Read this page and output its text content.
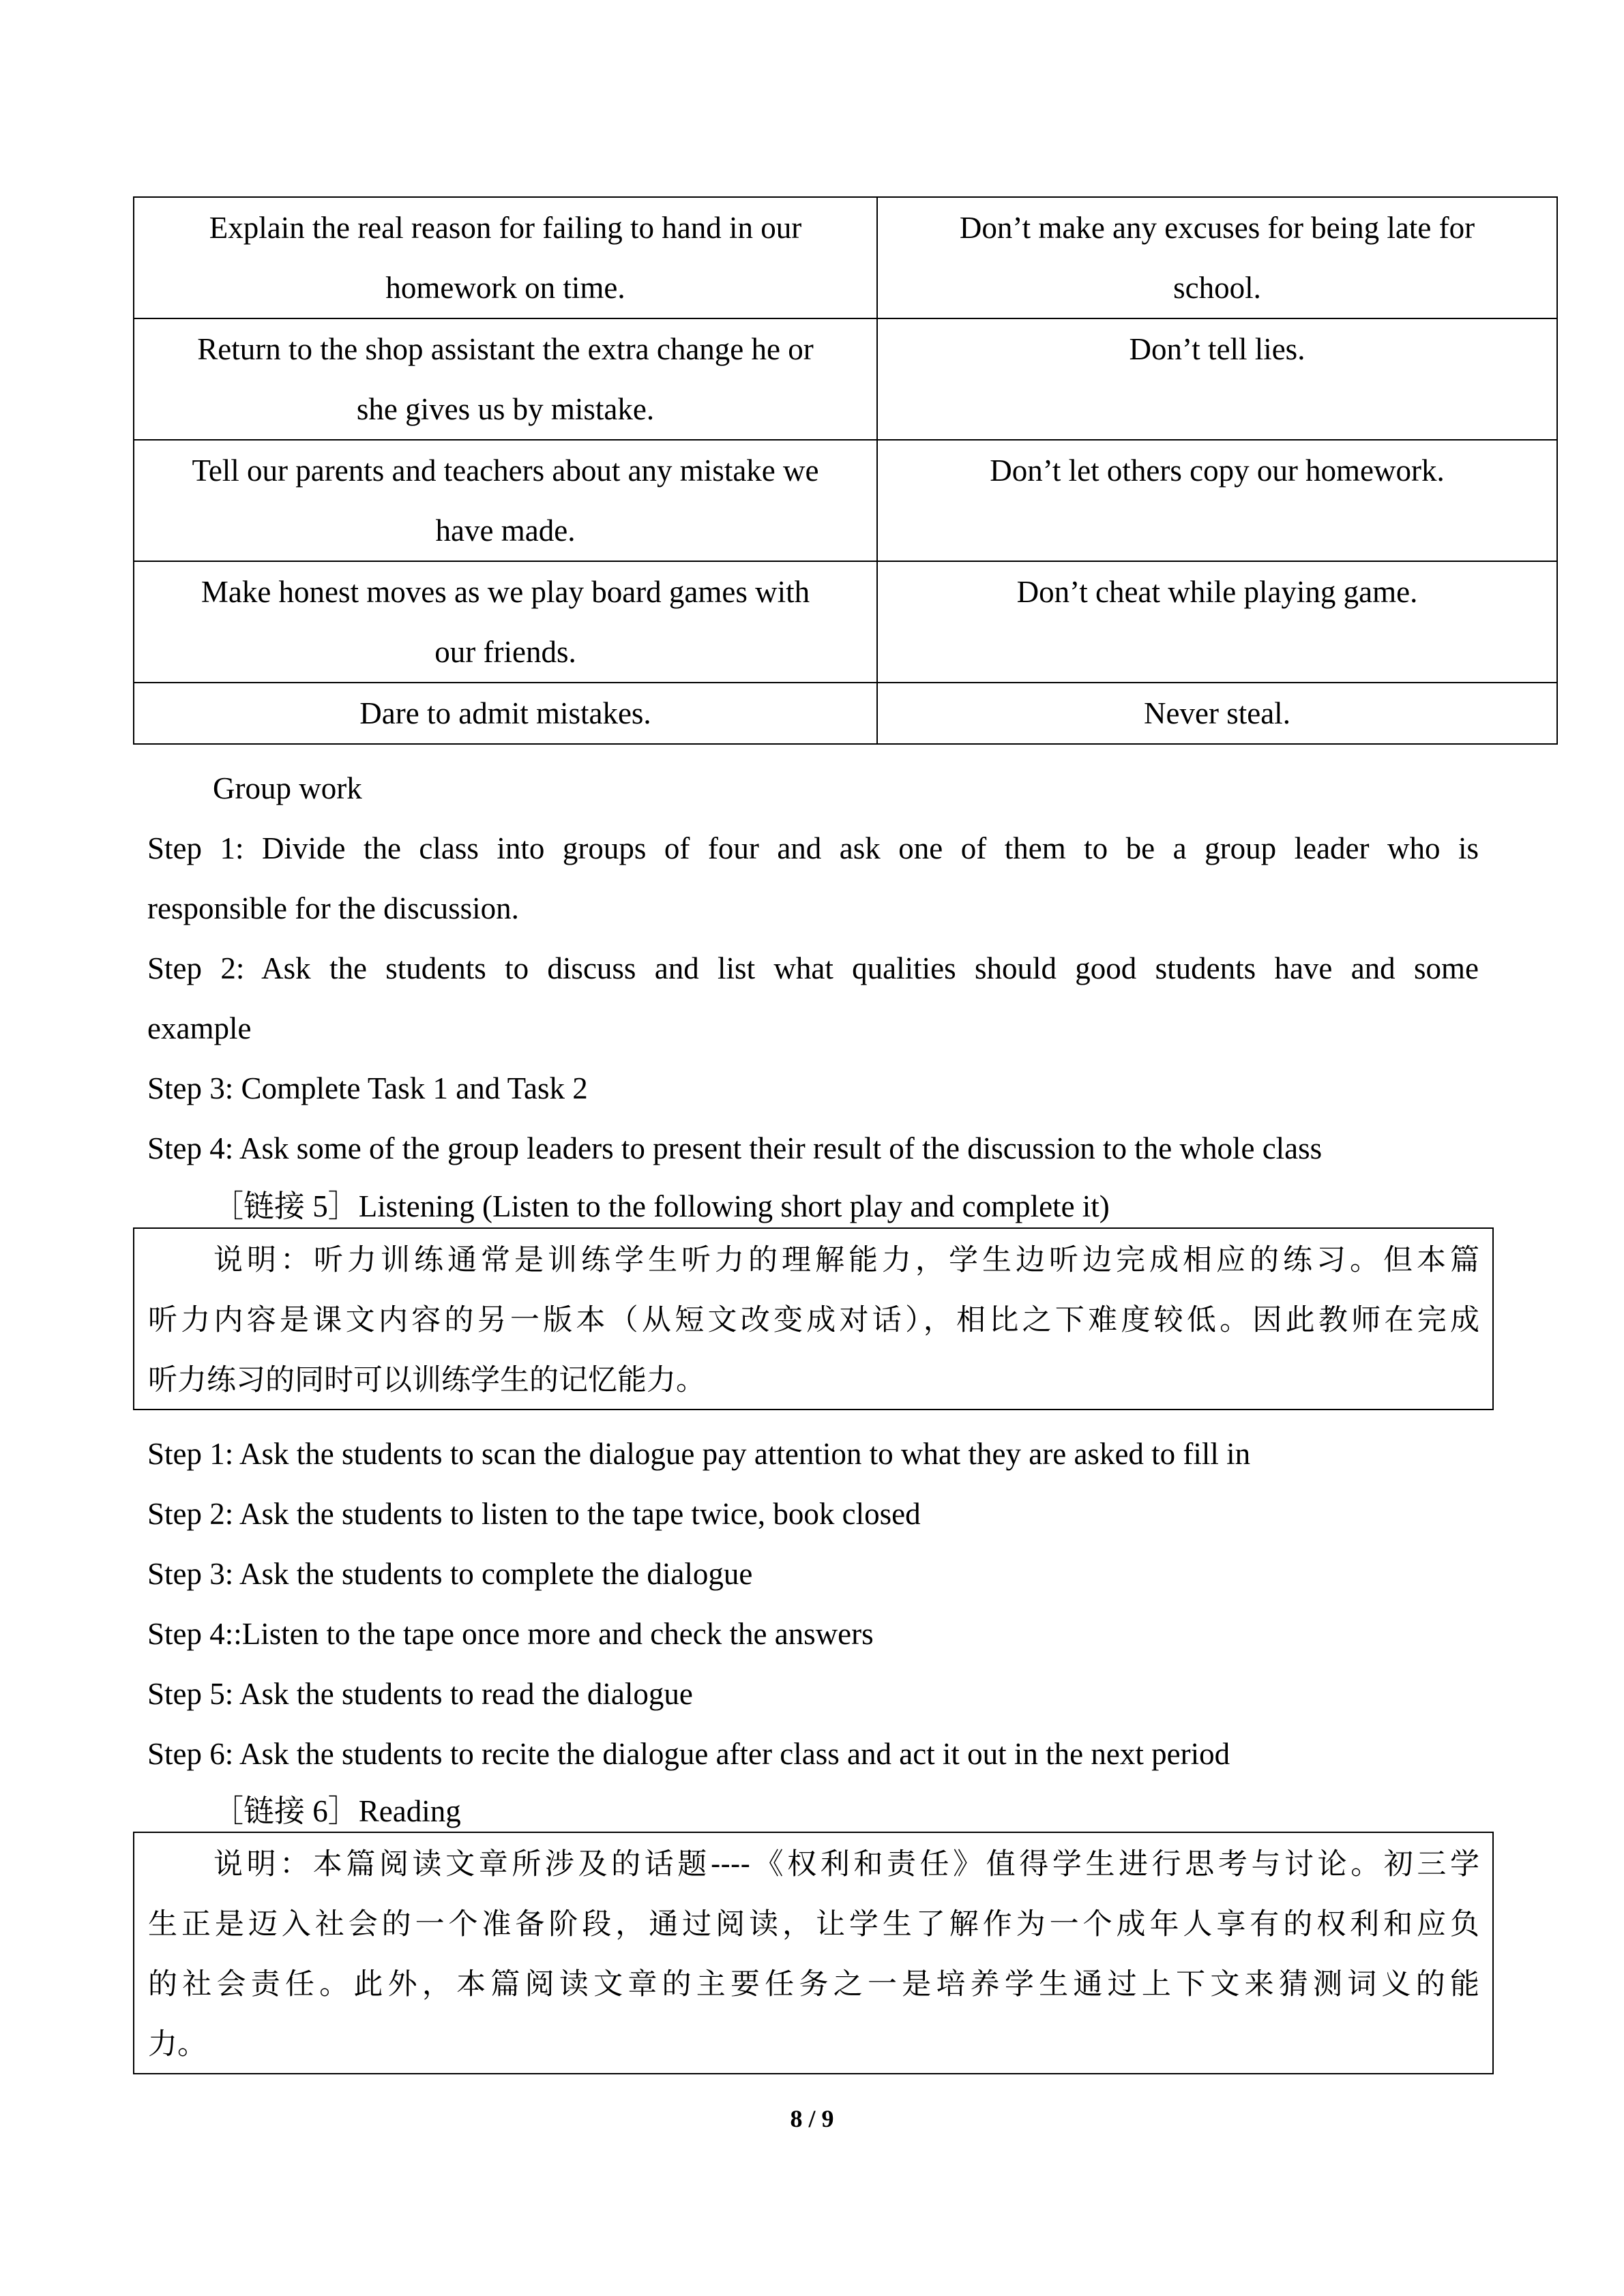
Explain the real reason for failing to hand in our
homework on time.	Don’t make any excuses for being late for
school.

Return to the shop assistant the extra change he or
she gives us by mistake.	Don’t tell lies.

Tell our parents and teachers about any mistake we
have made.	Don’t let others copy our homework.

Make honest moves as we play board games with
our friends.	Don’t cheat while playing game.

Dare to admit mistakes.	Never steal.
Group work
Step 1: Divide the class into groups of four and ask one of them to be a group leader who is
responsible for the discussion.
Step 2: Ask the students to discuss and list what qualities should good students have and some
example
Step 3: Complete Task 1 and Task 2
Step 4: Ask some of the group leaders to present their result of the discussion to the whole class
［链接 5］Listening (Listen to the following short play and complete it)
说明：听力训练通常是训练学生听力的理解能力，学生边听边完成相应的练习。但本篇
听力内容是课文内容的另一版本（从短文改变成对话），相比之下难度较低。因此教师在完成
听力练习的同时可以训练学生的记忆能力。
Step 1: Ask the students to scan the dialogue pay attention to what they are asked to fill in
Step 2: Ask the students to listen to the tape twice, book closed
Step 3: Ask the students to complete the dialogue
Step 4::Listen to the tape once more and check the answers
Step 5: Ask the students to read the dialogue
Step 6: Ask the students to recite the dialogue after class and act it out in the next period
［链接 6］Reading
说明：本篇阅读文章所涉及的话题----《权利和责任》值得学生进行思考与讨论。初三学
生正是迈入社会的一个准备阶段，通过阅读，让学生了解作为一个成年人享有的权利和应负
的社会责任。此外，本篇阅读文章的主要任务之一是培养学生通过上下文来猜测词义的能
力。
8 / 9
